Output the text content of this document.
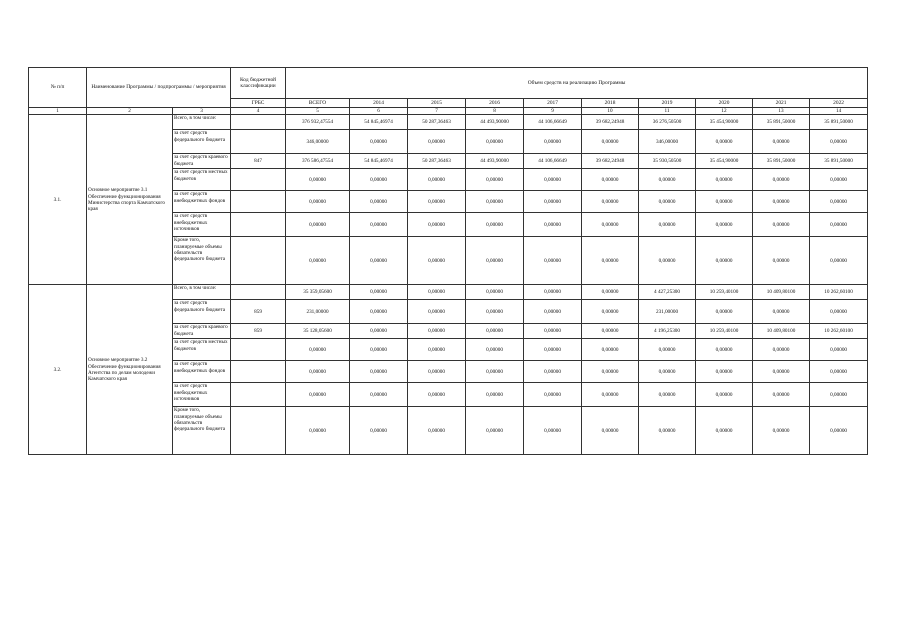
№ п/п	Наименование Программы / подпрограммы / мероприятия		Код бюджетной классификации	Объем средств на реализацию Программы									
			ГРБС	ВСЕГО	2014	2015	2016	2017	2018	2019	2020	2021	2022
1	2	3	4	5	6	7	8	9	10	11	12	13	14
3.1.	Основное мероприятие 3.1 Обеспечение функционирования Министерства спорта Камчатского края	Всего, в том числе:		376 932,47554	54 845,46974	50 287,36463	44 493,90000	44 106,66649	39 682,24948	36 276,50500	35 454,90000	35 891,50000	35 891,50000
		за счет средств федерального бюджета		346,00000	0,00000	0,00000	0,00000	0,00000	0,00000	346,00000	0,00000	0,00000	0,00000
		за счет средств краевого бюджета	847	376 586,47554	54 845,46974	50 287,36463	44 493,90000	44 106,66649	39 682,24948	35 930,50500	35 454,90000	35 891,50000	35 891,50000
		за счет средств местных бюджетов		0,00000	0,00000	0,00000	0,00000	0,00000	0,00000	0,00000	0,00000	0,00000	0,00000
		за счет средств внебюджетных фондов		0,00000	0,00000	0,00000	0,00000	0,00000	0,00000	0,00000	0,00000	0,00000	0,00000
		за счет средств внебюджетных источников		0,00000	0,00000	0,00000	0,00000	0,00000	0,00000	0,00000	0,00000	0,00000	0,00000
		Кроме того, планируемые объемы обязательств федерального бюджета		0,00000	0,00000	0,00000	0,00000	0,00000	0,00000	0,00000	0,00000	0,00000	0,00000
3.2.	Основное мероприятие 3.2 Обеспечение функционирования Агентства по делам молодежи Камчатского края	Всего, в том числе:		35 359,05600	0,00000	0,00000	0,00000	0,00000	0,00000	4 427,25300	10 259,40100	10 409,80100	10 262,60100
		за счет средств федерального бюджета	859	231,00000	0,00000	0,00000	0,00000	0,00000	0,00000	231,00000	0,00000	0,00000	0,00000
		за счет средств краевого бюджета	859	35 128,05600	0,00000	0,00000	0,00000	0,00000	0,00000	4 196,25300	10 259,40100	10 409,80100	10 262,60100
		за счет средств местных бюджетов		0,00000	0,00000	0,00000	0,00000	0,00000	0,00000	0,00000	0,00000	0,00000	0,00000
		за счет средств внебюджетных фондов		0,00000	0,00000	0,00000	0,00000	0,00000	0,00000	0,00000	0,00000	0,00000	0,00000
		за счет средств внебюджетных источников		0,00000	0,00000	0,00000	0,00000	0,00000	0,00000	0,00000	0,00000	0,00000	0,00000
		Кроме того, планируемые объемы обязательств федерального бюджета		0,00000	0,00000	0,00000	0,00000	0,00000	0,00000	0,00000	0,00000	0,00000	0,00000
